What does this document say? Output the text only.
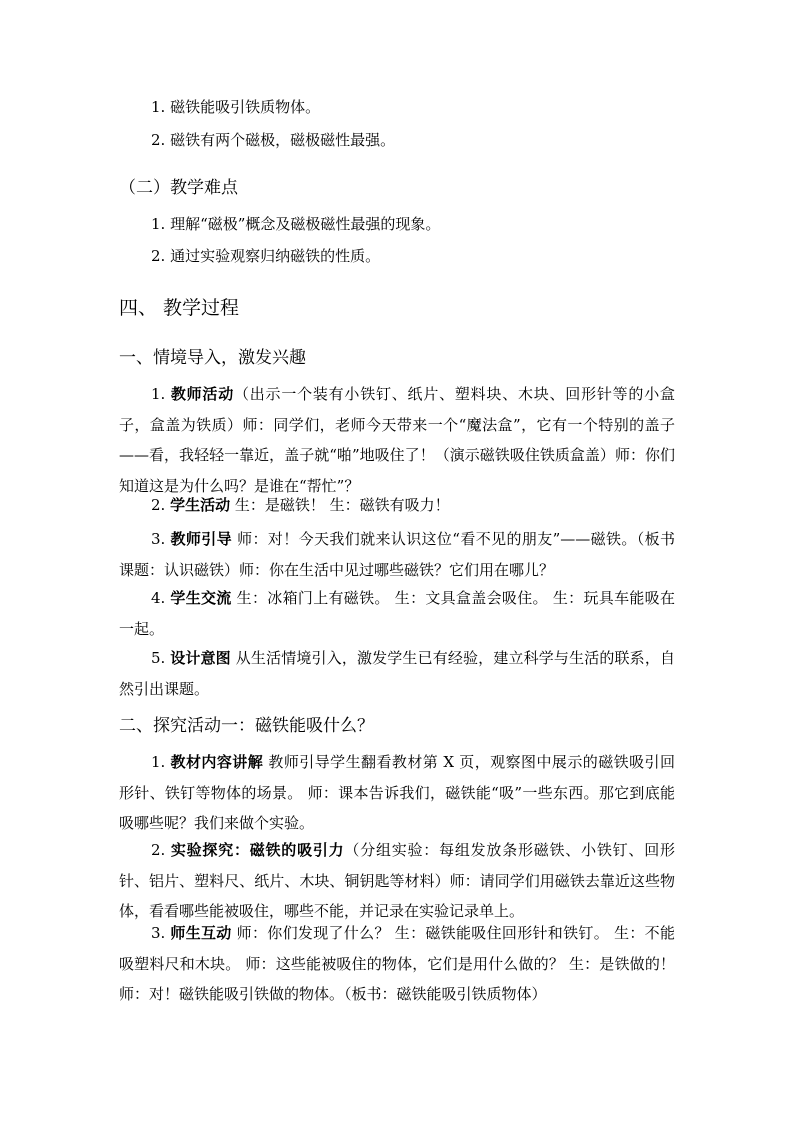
1. 磁铁能吸引铁质物体。
2. 磁铁有两个磁极，磁极磁性最强。
（二）教学难点
1. 理解“磁极”概念及磁极磁性最强的现象。
2. 通过实验观察归纳磁铁的性质。
四、 教学过程
一、情境导入，激发兴趣
1. 教师活动（出示一个装有小铁钉、纸片、塑料块、木块、回形针等的小盒子，盒盖为铁质）师：同学们，老师今天带来一个“魔法盒”，它有一个特别的盖子——看，我轻轻一靠近，盖子就“啪”地吸住了！（演示磁铁吸住铁质盒盖）师：你们知道这是为什么吗？是谁在“帮忙”？
2. 学生活动 生：是磁铁！ 生：磁铁有吸力！
3. 教师引导 师：对！今天我们就来认识这位“看不见的朋友”——磁铁。（板书课题：认识磁铁）师：你在生活中见过哪些磁铁？它们用在哪儿？
4. 学生交流 生：冰箱门上有磁铁。 生：文具盒盖会吸住。 生：玩具车能吸在一起。
5. 设计意图 从生活情境引入，激发学生已有经验，建立科学与生活的联系，自然引出课题。
二、探究活动一：磁铁能吸什么？
1. 教材内容讲解 教师引导学生翻看教材第 X 页，观察图中展示的磁铁吸引回形针、铁钉等物体的场景。 师：课本告诉我们，磁铁能“吸”一些东西。那它到底能吸哪些呢？我们来做个实验。
2. 实验探究：磁铁的吸引力（分组实验：每组发放条形磁铁、小铁钉、回形针、铝片、塑料尺、纸片、木块、铜钥匙等材料）师：请同学们用磁铁去靠近这些物体，看看哪些能被吸住，哪些不能，并记录在实验记录单上。
3. 师生互动 师：你们发现了什么？ 生：磁铁能吸住回形针和铁钉。 生：不能吸塑料尺和木块。 师：这些能被吸住的物体，它们是用什么做的？ 生：是铁做的！ 师：对！磁铁能吸引铁做的物体。（板书：磁铁能吸引铁质物体）
